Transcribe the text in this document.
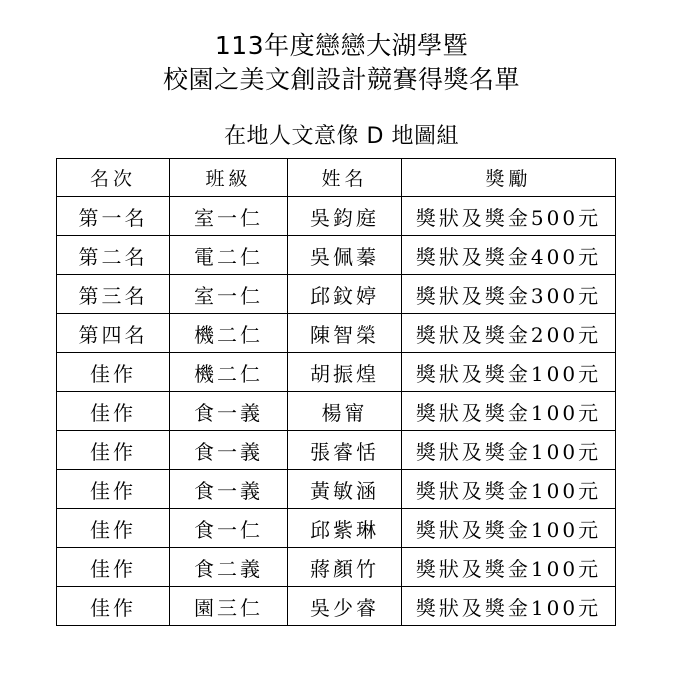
113年度戀戀大湖學暨
校園之美文創設計競賽得獎名單
在地人文意像 D 地圖組
名次	班級	姓名	獎勵
第一名	室一仁	吳鈞庭	獎狀及獎金500元
第二名	電二仁	吳佩蓁	獎狀及獎金400元
第三名	室一仁	邱鈫婷	獎狀及獎金300元
第四名	機二仁	陳智榮	獎狀及獎金200元
佳作	機二仁	胡振煌	獎狀及獎金100元
佳作	食一義	楊甯	獎狀及獎金100元
佳作	食一義	張睿恬	獎狀及獎金100元
佳作	食一義	黃敏涵	獎狀及獎金100元
佳作	食一仁	邱紫琳	獎狀及獎金100元
佳作	食二義	蔣顏竹	獎狀及獎金100元
佳作	園三仁	吳少睿	獎狀及獎金100元
